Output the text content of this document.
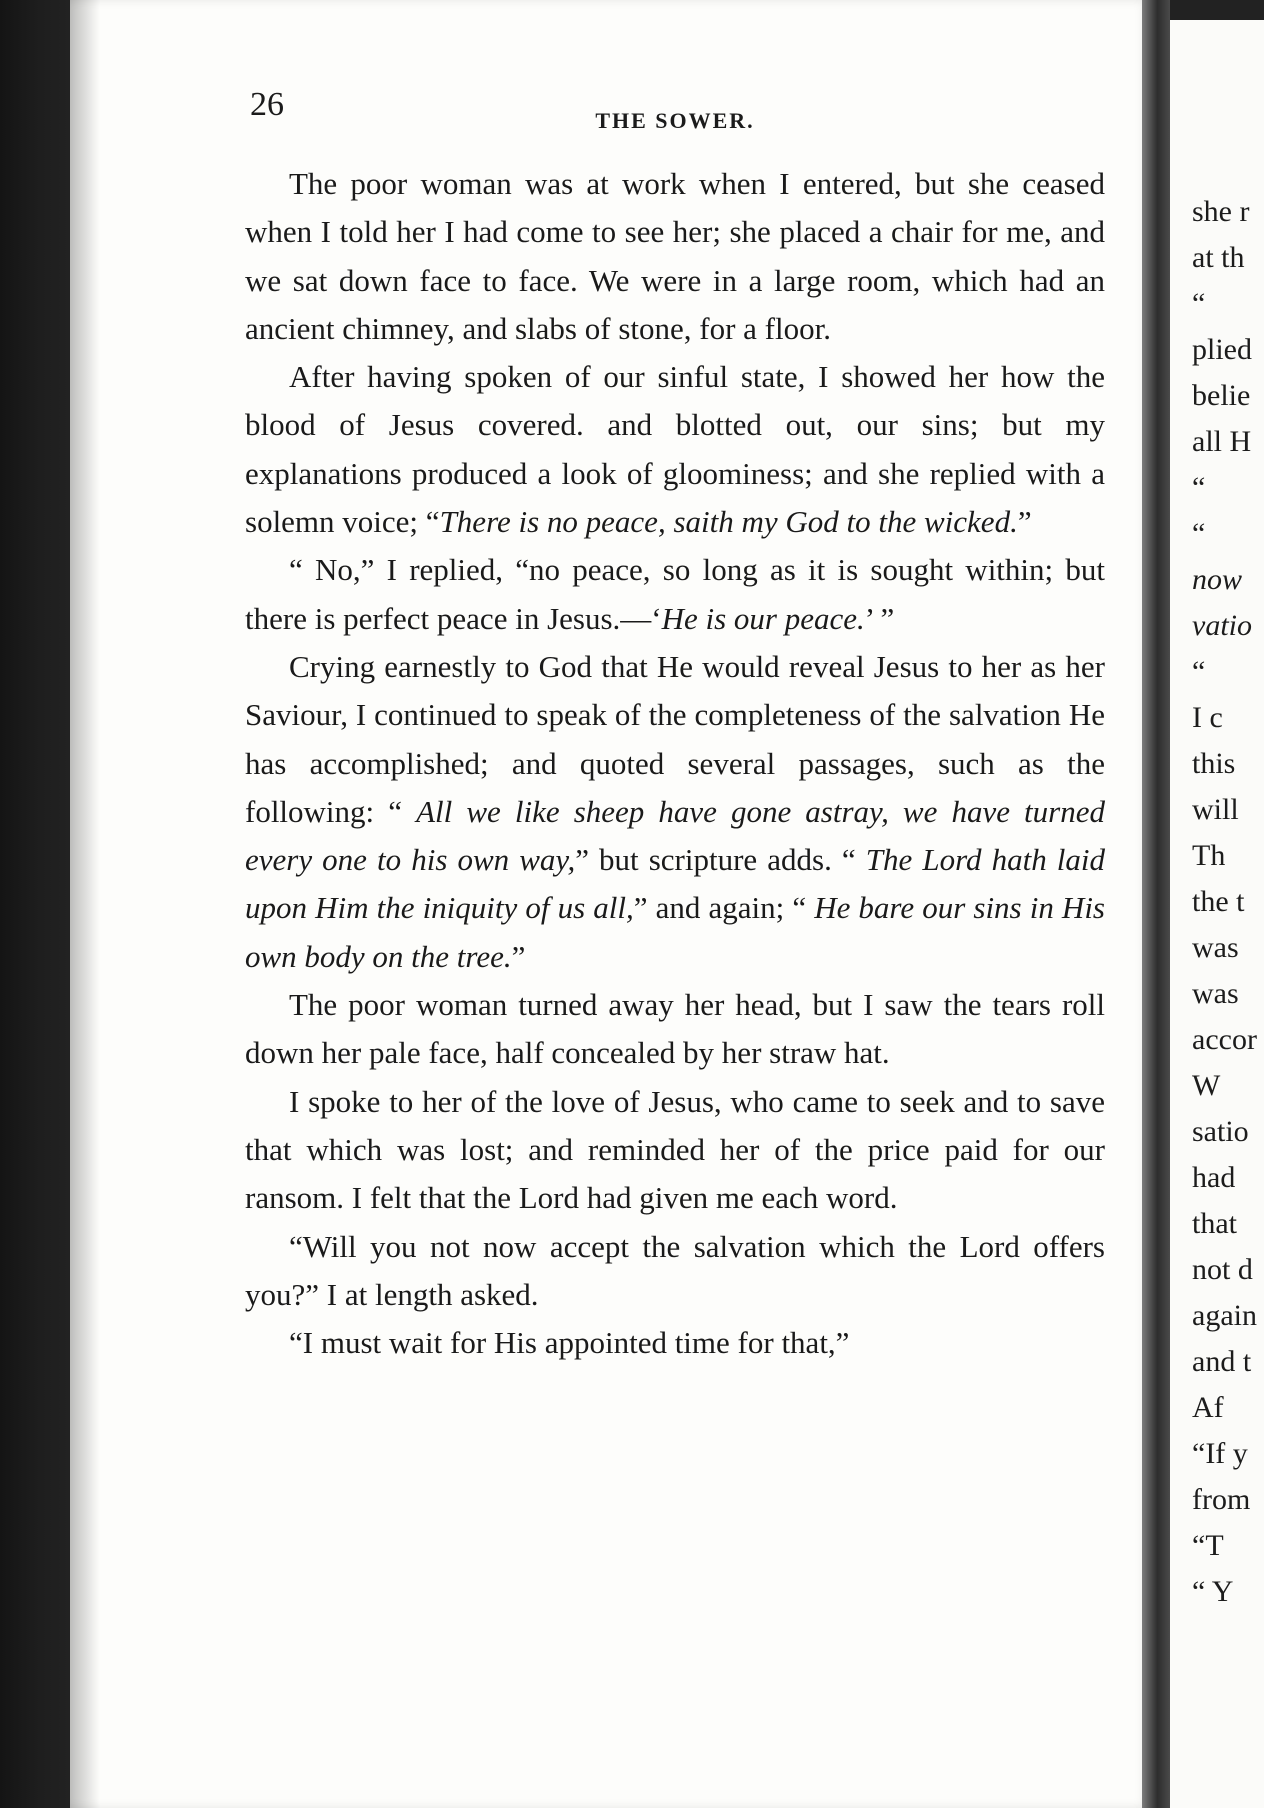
26	THE SOWER.

The poor woman was at work when I entered, but she ceased when I told her I had come to see her; she placed a chair for me, and we sat down face to face. We were in a large room, which had an ancient chimney, and slabs of stone, for a floor.

After having spoken of our sinful state, I showed her how the blood of Jesus covered. and blotted out, our sins; but my explanations produced a look of gloominess; and she replied with a solemn voice; “There is no peace, saith my God to the wicked.”

“ No,” I replied, “no peace, so long as it is sought within; but there is perfect peace in Jesus.—‘He is our peace.’ ”

Crying earnestly to God that He would reveal Jesus to her as her Saviour, I continued to speak of the completeness of the salvation He has accomplished; and quoted several passages, such as the following: “ All we like sheep have gone astray, we have turned every one to his own way,” but scripture adds. “ The Lord hath laid upon Him the iniquity of us all,” and again; “ He bare our sins in His own body on the tree.”

The poor woman turned away her head, but I saw the tears roll down her pale face, half concealed by her straw hat.

I spoke to her of the love of Jesus, who came to seek and to save that which was lost; and reminded her of the price paid for our ransom. I felt that the Lord had given me each word.

“Will you not now accept the salvation which the Lord offers you?” I at length asked.

“I must wait for His appointed time for that,”

she r
at th
“
plied
belie
all H
“
“
now
vatio
“
I c
this
will
Th
the t
was
was
accor
W
satio
had
that
not d
again
and t
Af
“If y
from
“T
“ Y
